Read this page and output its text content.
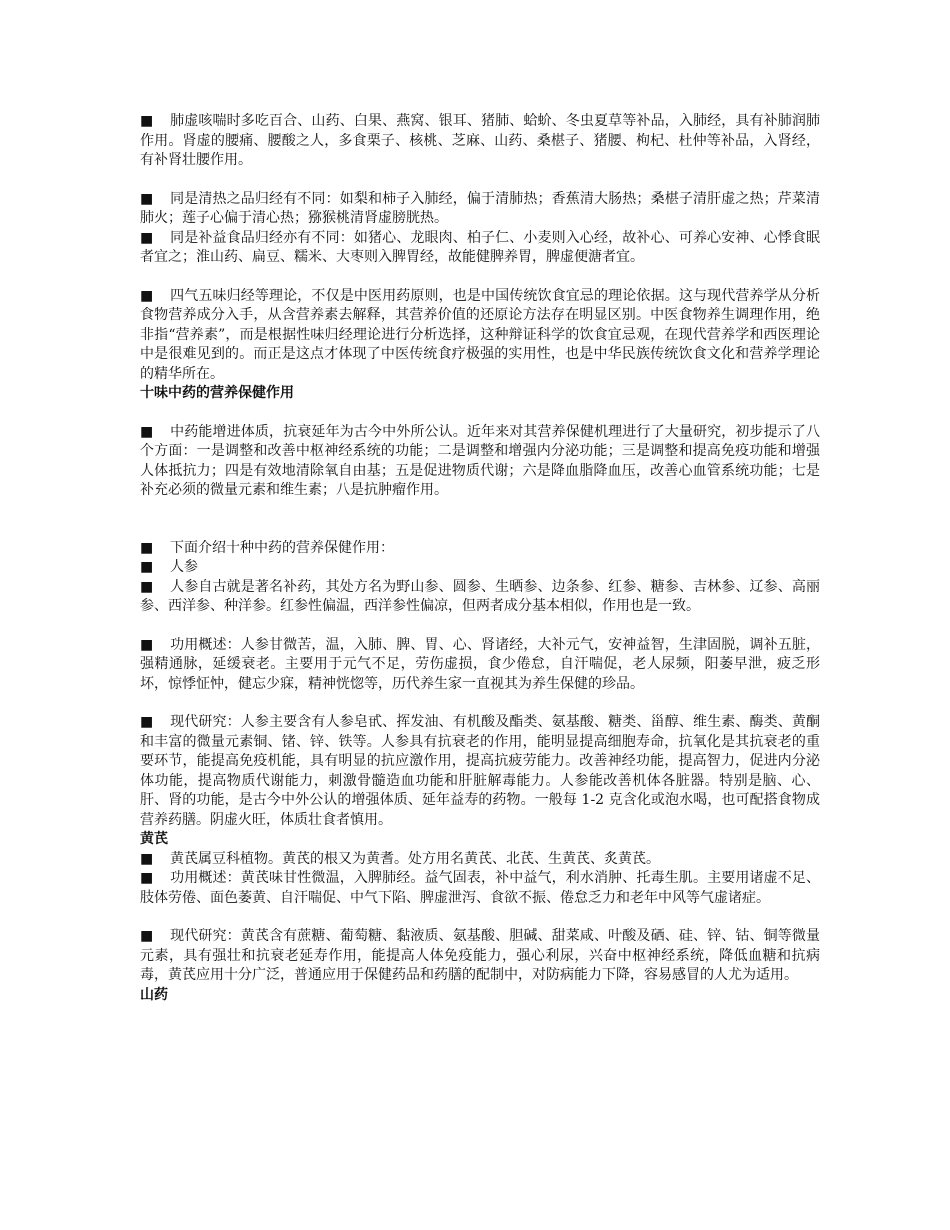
■ 肺虚咳喘时多吃百合、山药、白果、燕窝、银耳、猪肺、蛤蚧、冬虫夏草等补品，入肺经，具有补肺润肺作用。肾虚的腰痛、腰酸之人，多食栗子、核桃、芝麻、山药、桑椹子、猪腰、枸杞、杜仲等补品，入肾经，有补肾壮腰作用。

■ 同是清热之品归经有不同：如梨和柿子入肺经，偏于清肺热；香蕉清大肠热；桑椹子清肝虚之热；芹菜清肺火；莲子心偏于清心热；猕猴桃清肾虚膀胱热。

■ 同是补益食品归经亦有不同：如猪心、龙眼肉、柏子仁、小麦则入心经，故补心、可养心安神、心悸食眠者宜之；淮山药、扁豆、糯米、大枣则入脾胃经，故能健脾养胃，脾虚便溏者宜。

■ 四气五味归经等理论，不仅是中医用药原则，也是中国传统饮食宜忌的理论依据。这与现代营养学从分析食物营养成分入手，从含营养素去解释，其营养价值的还原论方法存在明显区别。中医食物养生调理作用，绝非指“营养素”，而是根据性味归经理论进行分析选择，这种辩证科学的饮食宜忌观，在现代营养学和西医理论中是很难见到的。而正是这点才体现了中医传统食疗极强的实用性，也是中华民族传统饮食文化和营养学理论的精华所在。

十味中药的营养保健作用

■ 中药能增进体质，抗衰延年为古今中外所公认。近年来对其营养保健机理进行了大量研究，初步提示了八个方面：一是调整和改善中枢神经系统的功能；二是调整和增强内分泌功能；三是调整和提高免疫功能和增强人体抵抗力；四是有效地清除氧自由基；五是促进物质代谢；六是降血脂降血压，改善心血管系统功能；七是补充必须的微量元素和维生素；八是抗肿瘤作用。

■ 下面介绍十种中药的营养保健作用：

■ 人参

■ 人参自古就是著名补药，其处方名为野山参、圆参、生晒参、边条参、红参、糖参、吉林参、辽参、高丽参、西洋参、种洋参。红参性偏温，西洋参性偏凉，但两者成分基本相似，作用也是一致。

■ 功用概述：人参甘微苦，温，入肺、脾、胃、心、肾诸经，大补元气，安神益智，生津固脱，调补五脏，强精通脉，延缓衰老。主要用于元气不足，劳伤虚损，食少倦怠，自汗喘促，老人尿频，阳萎早泄，疲乏形坏，惊悸怔忡，健忘少寐，精神恍惚等，历代养生家一直视其为养生保健的珍品。

■ 现代研究：人参主要含有人参皂甙、挥发油、有机酸及酯类、氨基酸、糖类、甾醇、维生素、酶类、黄酮和丰富的微量元素铜、锗、锌、铁等。人参具有抗衰老的作用，能明显提高细胞寿命，抗氧化是其抗衰老的重要环节，能提高免疫机能，具有明显的抗应激作用，提高抗疲劳能力。改善神经功能，提高智力，促进内分泌体功能，提高物质代谢能力，刺激骨髓造血功能和肝脏解毒能力。人参能改善机体各脏器。特别是脑、心、肝、肾的功能，是古今中外公认的增强体质、延年益寿的药物。一般每 1-2 克含化或泡水喝，也可配搭食物成营养药膳。阴虚火旺，体质壮食者慎用。

黄芪

■ 黄芪属豆科植物。黄芪的根又为黄耆。处方用名黄芪、北芪、生黄芪、炙黄芪。

■ 功用概述：黄芪味甘性微温，入脾肺经。益气固表，补中益气，利水消肿、托毒生肌。主要用诸虚不足、肢体劳倦、面色萎黄、自汗喘促、中气下陷、脾虚泄泻、食欲不振、倦怠乏力和老年中风等气虚诸症。

■ 现代研究：黄芪含有蔗糖、葡萄糖、黏液质、氨基酸、胆碱、甜菜咸、叶酸及硒、硅、锌、钴、铜等微量元素，具有强壮和抗衰老延寿作用，能提高人体免疫能力，强心利尿，兴奋中枢神经系统，降低血糖和抗病毒，黄芪应用十分广泛，普通应用于保健药品和药膳的配制中，对防病能力下降，容易感冒的人尤为适用。

山药
